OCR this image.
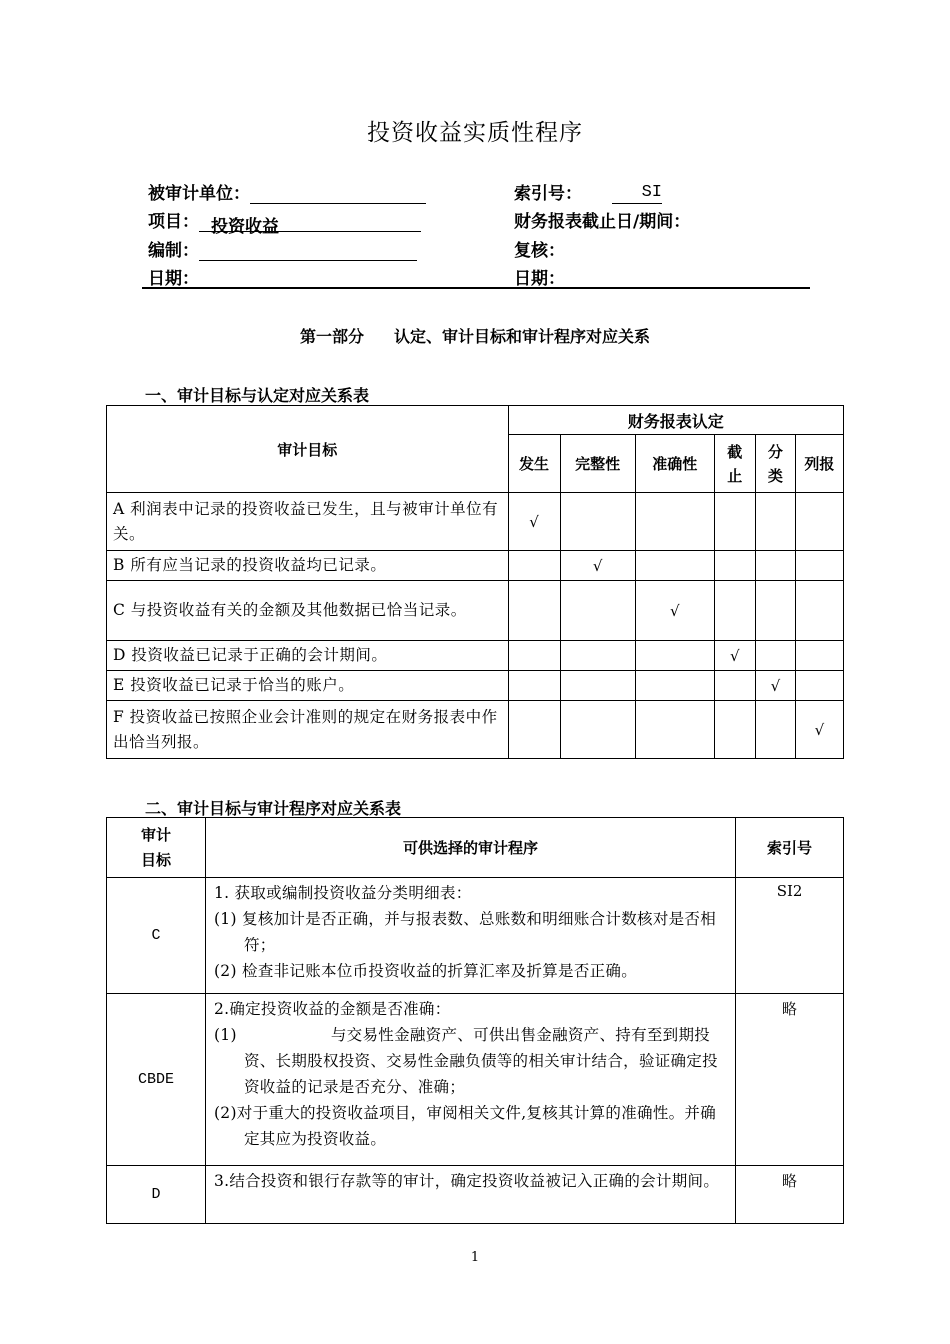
投资收益实质性程序
被审计单位：	索引号：	SI
项目： 投资收益	财务报表截止日/期间：
编制：	复核：
日期：	日期：
第一部分 认定、审计目标和审计程序对应关系
一、审计目标与认定对应关系表
审计目标	财务报表认定					
	发生	完整性	准确性	截止	分类	列报
A 利润表中记录的投资收益已发生，且与被审计单位有关。	√					
B 所有应当记录的投资收益均已记录。		√				
C 与投资收益有关的金额及其他数据已恰当记录。			√			
D 投资收益已记录于正确的会计期间。				√		
E 投资收益已记录于恰当的账户。					√	
F 投资收益已按照企业会计准则的规定在财务报表中作出恰当列报。						√
二、审计目标与审计程序对应关系表
审计目标	可供选择的审计程序	索引号
C	1. 获取或编制投资收益分类明细表：
(1) 复核加计是否正确，并与报表数、总账数和明细账合计数核对是否相符；
(2) 检查非记账本位币投资收益的折算汇率及折算是否正确。	SI2
CBDE	2.确定投资收益的金额是否准确：
(1)                  与交易性金融资产、可供出售金融资产、持有至到期投资、长期股权投资、交易性金融负债等的相关审计结合，验证确定投资收益的记录是否充分、准确；
(2)对于重大的投资收益项目，审阅相关文件,复核其计算的准确性。并确定其应为投资收益。	略
D	3.结合投资和银行存款等的审计，确定投资收益被记入正确的会计期间。	略
1
